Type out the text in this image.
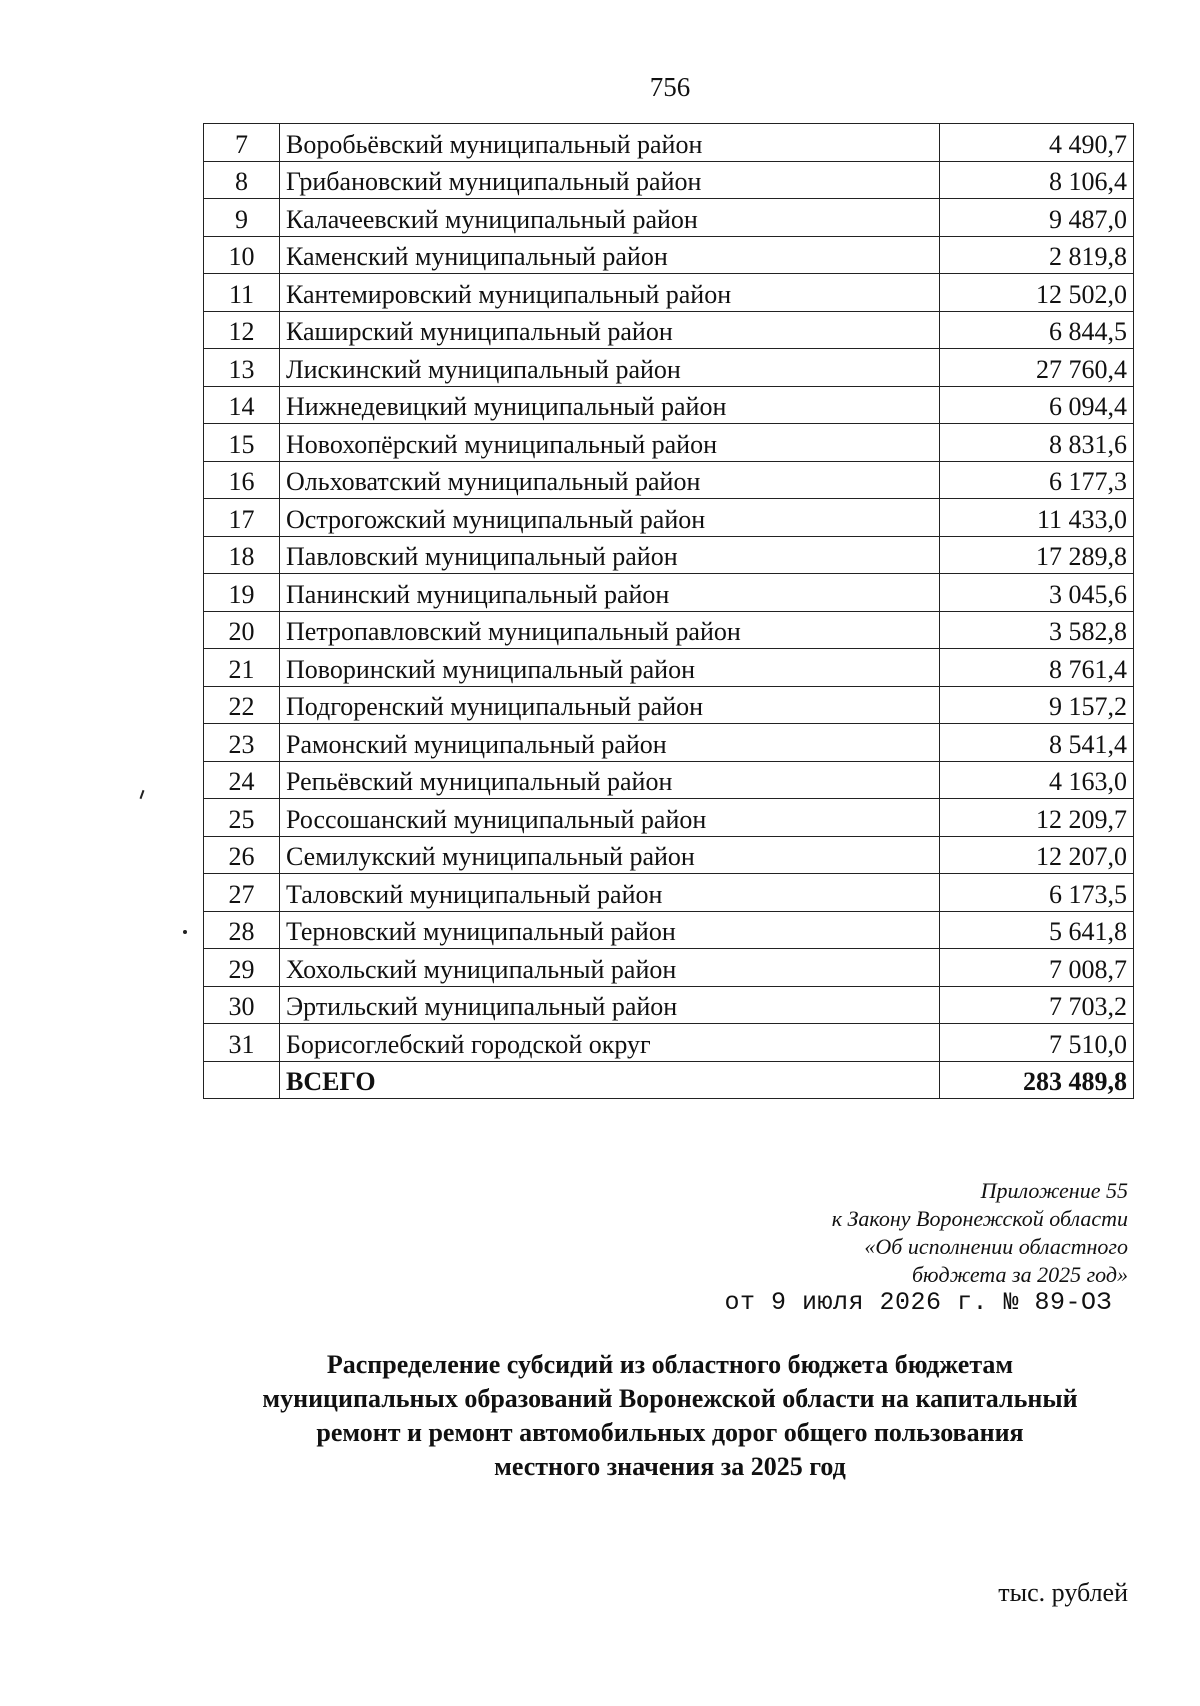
756
7	Воробьёвский муниципальный район	4 490,7
8	Грибановский муниципальный район	8 106,4
9	Калачеевский муниципальный район	9 487,0
10	Каменский муниципальный район	2 819,8
11	Кантемировский муниципальный район	12 502,0
12	Каширский муниципальный район	6 844,5
13	Лискинский муниципальный район	27 760,4
14	Нижнедевицкий муниципальный район	6 094,4
15	Новохопёрский муниципальный район	8 831,6
16	Ольховатский муниципальный район	6 177,3
17	Острогожский муниципальный район	11 433,0
18	Павловский муниципальный район	17 289,8
19	Панинский муниципальный район	3 045,6
20	Петропавловский муниципальный район	3 582,8
21	Поворинский муниципальный район	8 761,4
22	Подгоренский муниципальный район	9 157,2
23	Рамонский муниципальный район	8 541,4
24	Репьёвский муниципальный район	4 163,0
25	Россошанский муниципальный район	12 209,7
26	Семилукский муниципальный район	12 207,0
27	Таловский муниципальный район	6 173,5
28	Терновский муниципальный район	5 641,8
29	Хохольский муниципальный район	7 008,7
30	Эртильский муниципальный район	7 703,2
31	Борисоглебский городской округ	7 510,0
	ВСЕГО	283 489,8
Приложение 55
к Закону Воронежской области
«Об исполнении областного
бюджета за 2025 год»
от 9 июля 2026 г. № 89-ОЗ
Распределение субсидий из областного бюджета бюджетам
муниципальных образований Воронежской области на капитальный
ремонт и ремонт автомобильных дорог общего пользования
местного значения за 2025 год
тыс. рублей
